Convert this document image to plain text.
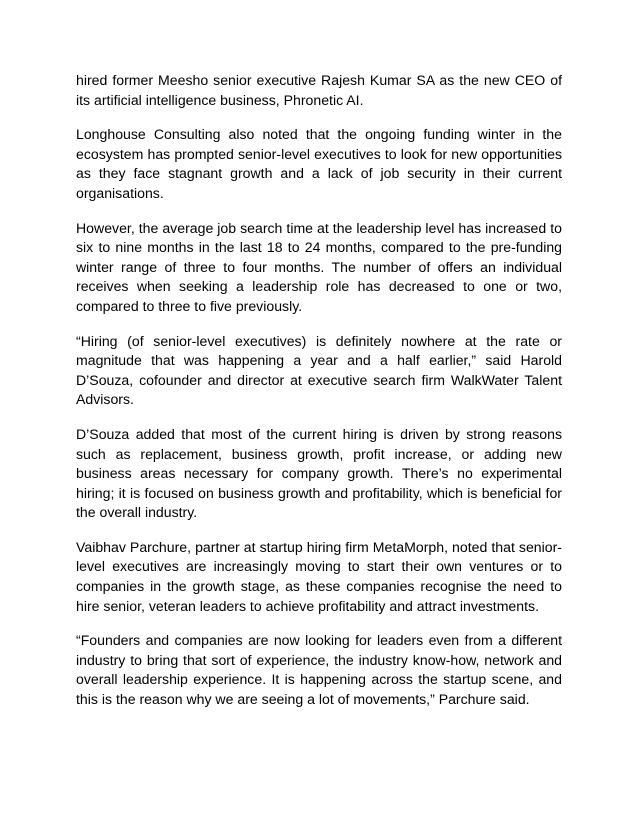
hired former Meesho senior executive Rajesh Kumar SA as the new CEO of its artificial intelligence business, Phronetic AI.

Longhouse Consulting also noted that the ongoing funding winter in the ecosystem has prompted senior-level executives to look for new opportunities as they face stagnant growth and a lack of job security in their current organisations.

However, the average job search time at the leadership level has increased to six to nine months in the last 18 to 24 months, compared to the pre-funding winter range of three to four months. The number of offers an individual receives when seeking a leadership role has decreased to one or two, compared to three to five previously.

“Hiring (of senior-level executives) is definitely nowhere at the rate or magnitude that was happening a year and a half earlier,” said Harold D’Souza, cofounder and director at executive search firm WalkWater Talent Advisors.

D’Souza added that most of the current hiring is driven by strong reasons such as replacement, business growth, profit increase, or adding new business areas necessary for company growth. There’s no experimental hiring; it is focused on business growth and profitability, which is beneficial for the overall industry.

Vaibhav Parchure, partner at startup hiring firm MetaMorph, noted that senior-level executives are increasingly moving to start their own ventures or to companies in the growth stage, as these companies recognise the need to hire senior, veteran leaders to achieve profitability and attract investments.

“Founders and companies are now looking for leaders even from a different industry to bring that sort of experience, the industry know-how, network and overall leadership experience. It is happening across the startup scene, and this is the reason why we are seeing a lot of movements,” Parchure said.
